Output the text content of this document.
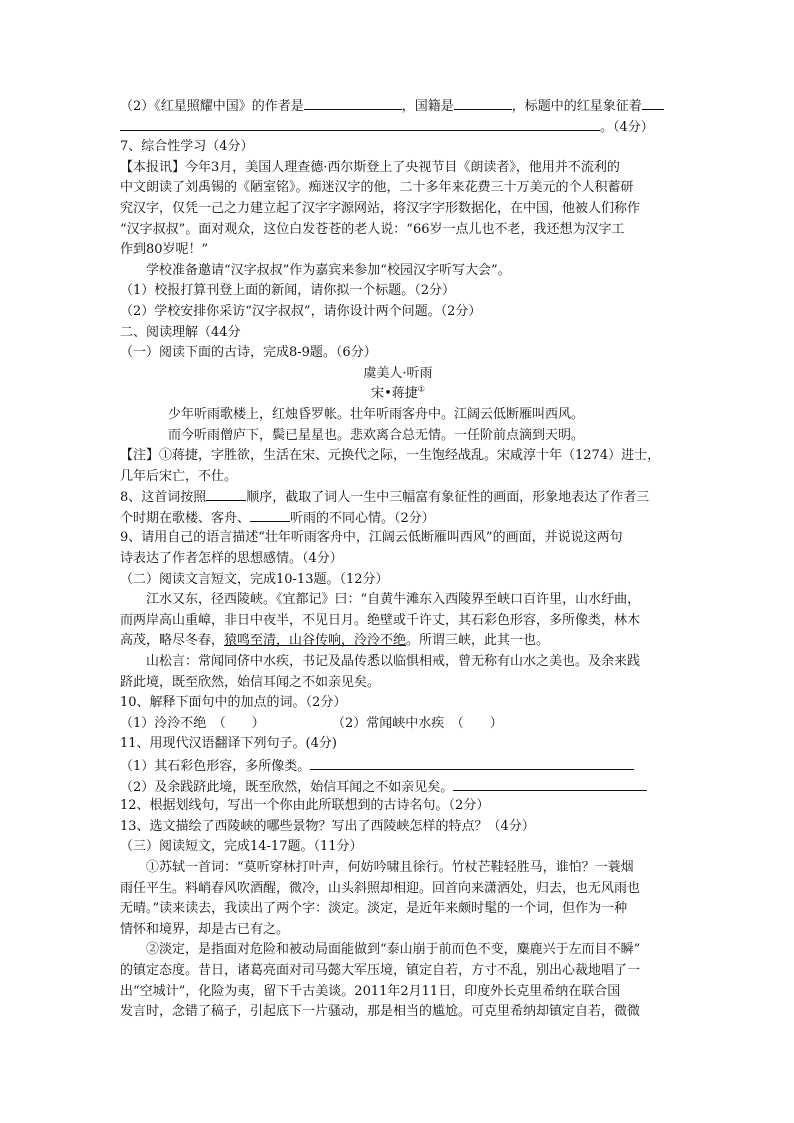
（2）《红星照耀中国》的作者是	，国籍是	，标题中的红星象征着
。（4分）
7、综合性学习（4分）
【本报讯】今年3月，美国人理查德·西尔斯登上了央视节目《朗读者》，他用并不流利的
中文朗读了刘禹锡的《陋室铭》。痴迷汉字的他，二十多年来花费三十万美元的个人积蓄研
究汉字，仅凭一己之力建立起了汉字字源网站，将汉字字形数据化，在中国，他被人们称作
“汉字叔叔”。面对观众，这位白发苍苍的老人说：“66岁一点儿也不老，我还想为汉字工
作到80岁呢！”
学校准备邀请“汉字叔叔”作为嘉宾来参加“校园汉字听写大会”。
（1）校报打算刊登上面的新闻，请你拟一个标题。（2分）
（2）学校安排你采访“汉字叔叔”，请你设计两个问题。（2分）
二、阅读理解（44分
（一）阅读下面的古诗，完成8-9题。（6分）
虞美人·听雨
宋•蒋捷①
少年听雨歌楼上，红烛昏罗帐。壮年听雨客舟中。江阔云低断雁叫西风。
而今听雨僧庐下，鬓已星星也。悲欢离合总无情。一任阶前点滴到天明。
【注】①蒋捷，字胜欲，生活在宋、元换代之际，一生饱经战乱。宋咸淳十年（1274）进士，
几年后宋亡，不仕。
8、这首词按照	顺序，截取了词人一生中三幅富有象征性的画面，形象地表达了作者三
个时期在歌楼、客舟、	听雨的不同心情。（2分）
9、请用自己的语言描述“壮年听雨客舟中，江阔云低断雁叫西风”的画面，并说说这两句
诗表达了作者怎样的思想感情。（4分）
（二）阅读文言短文，完成10-13题。（12分）
江水又东，径西陵峡。《宜都记》曰：“自黄牛滩东入西陵界至峡口百许里，山水纡曲，
而两岸高山重嶂，非日中夜半，不见日月。绝壁或千许丈，其石彩色形容，多所像类，林木
高茂，略尽冬春，猿鸣至清，山谷传响，泠泠不绝。所谓三峡，此其一也。
山松言：常闻同侪中水疾，书记及晶传悉以临惧相戒，曾无称有山水之美也。及余来践
跻此境，既至欣然，始信耳闻之不如亲见矣。
10、解释下面句中的加点的词。（2分）
（1）泠泠不绝　（　　）	（2）常闻峡中水疾　（　　）
11、用现代汉语翻译下列句子。(4分)
（1）其石彩色形容，多所像类。
（2）及余践跻此境，既至欣然，始信耳闻之不如亲见矣。
12、根据划线句，写出一个你由此所联想到的古诗名句。（2分）
13、选文描绘了西陵峡的哪些景物？写出了西陵峡怎样的特点？（4分）
（三）阅读短文，完成14-17题。（11分）
①苏轼一首词：“莫听穿林打叶声，何妨吟啸且徐行。竹杖芒鞋轻胜马，谁怕？一蓑烟
雨任平生。料峭春风吹酒醒，微冷，山头斜照却相迎。回首向来潇洒处，归去，也无风雨也
无晴。”读来读去，我读出了两个字：淡定。淡定，是近年来颇时髦的一个词，但作为一种
情怀和境界，却是古已有之。
②淡定，是指面对危险和被动局面能做到“泰山崩于前而色不变，麋鹿兴于左而目不瞬”
的镇定态度。昔日，诸葛亮面对司马懿大军压境，镇定自若，方寸不乱，别出心裁地唱了一
出“空城计”，化险为夷，留下千古美谈。2011年2月11日，印度外长克里希纳在联合国
发言时，念错了稿子，引起底下一片骚动，那是相当的尴尬。可克里希纳却镇定自若，微微
